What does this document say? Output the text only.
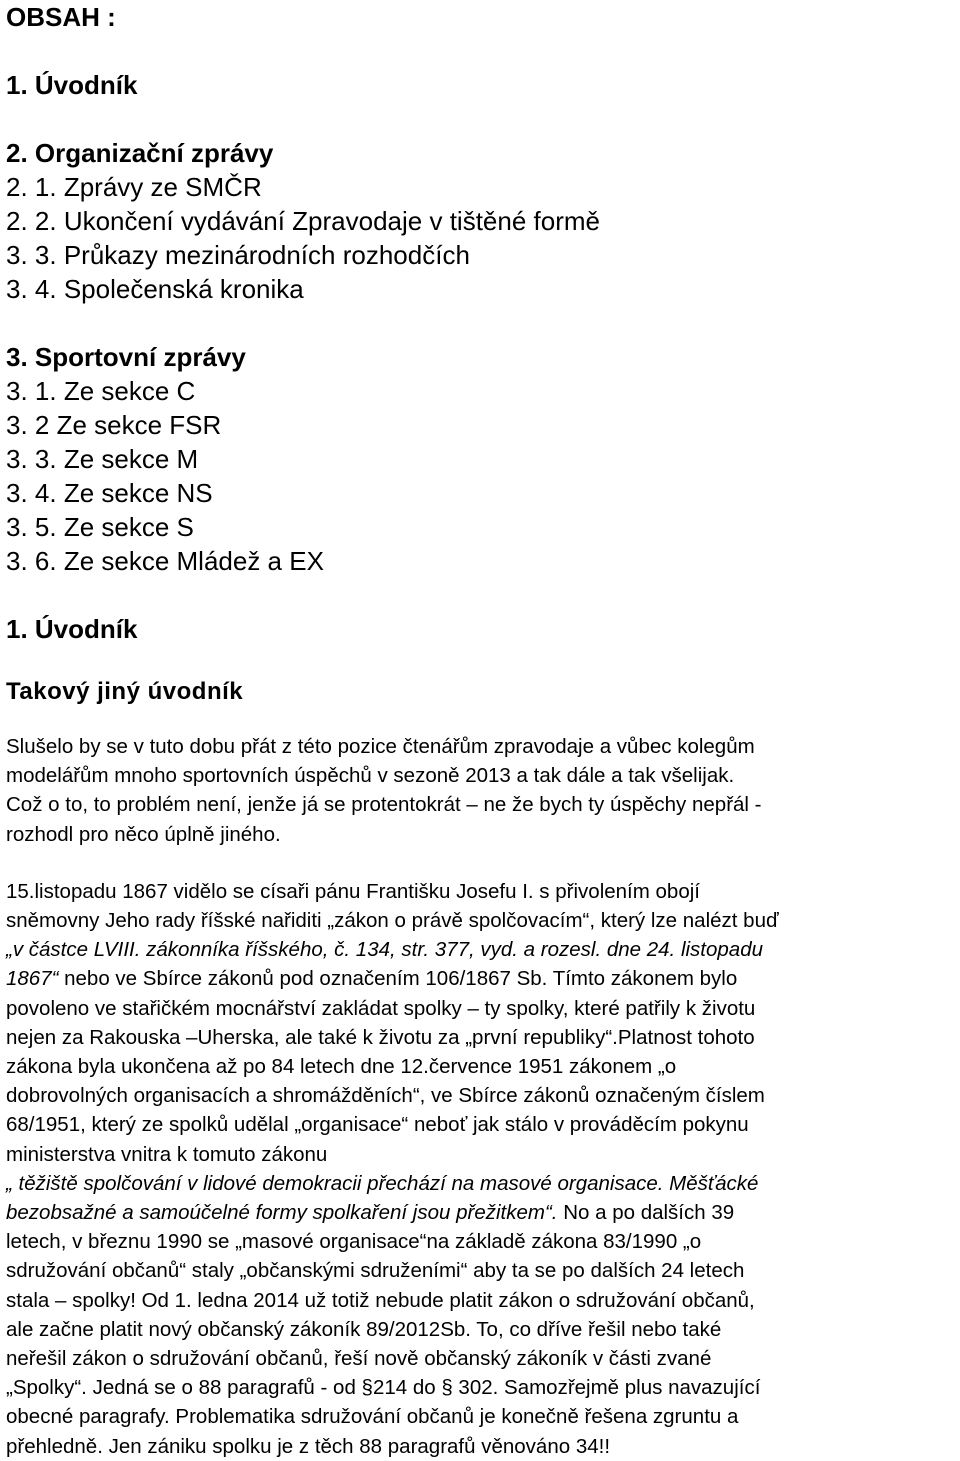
OBSAH :

1. Úvodník

2. Organizační zprávy

2. 1. Zprávy ze SMČR

2. 2. Ukončení vydávání Zpravodaje v tištěné formě

3. 3. Průkazy mezinárodních rozhodčích

3. 4. Společenská kronika

3. Sportovní zprávy

3. 1. Ze sekce C

3. 2 Ze sekce FSR

3. 3. Ze sekce M

3. 4. Ze sekce NS

3. 5. Ze sekce S

3. 6. Ze sekce Mládež a EX

1. Úvodník

Takový jiný úvodník

Slušelo by se v tuto dobu přát z této pozice čtenářům zpravodaje a vůbec kolegům

modelářům mnoho sportovních úspěchů v sezoně 2013 a tak dále a tak všelijak.

Což o to, to problém není, jenže já se protentokrát – ne že bych ty úspěchy nepřál -

rozhodl pro něco úplně jiného.

15.listopadu 1867 vidělo se císaři pánu Františku Josefu I. s přivolením obojí

sněmovny Jeho rady říšské nařiditi „zákon o právě spolčovacím“, který lze nalézt buď

„v částce LVIII. zákonníka říšského, č. 134, str. 377, vyd. a rozesl. dne 24. listopadu

1867“ nebo ve Sbírce zákonů pod označením 106/1867 Sb. Tímto zákonem bylo

povoleno ve stařičkém mocnářství zakládat spolky – ty spolky, které patřily k životu

nejen za Rakouska –Uherska, ale také k životu za „první republiky“.Platnost tohoto

zákona byla ukončena až po 84 letech dne 12.července 1951 zákonem „o

dobrovolných organisacích a shromážděních“, ve Sbírce zákonů označeným číslem

68/1951, který ze spolků udělal „organisace“ neboť jak stálo v prováděcím pokynu

ministerstva vnitra k tomuto zákonu

„ těžiště spolčování v lidové demokracii přechází na masové organisace. Měšťácké

bezobsažné a samoúčelné formy spolkaření jsou přežitkem“. No a po dalších 39

letech, v březnu 1990 se „masové organisace“na základě zákona 83/1990 „o

sdružování občanů“ staly „občanskými sdruženími“ aby ta se po dalších 24 letech

stala – spolky! Od 1. ledna 2014 už totiž nebude platit zákon o sdružování občanů,

ale začne platit nový občanský zákoník 89/2012Sb. To, co dříve řešil nebo také

neřešil zákon o sdružování občanů, řeší nově občanský zákoník v části zvané

„Spolky“. Jedná se o 88 paragrafů - od §214 do § 302. Samozřejmě plus navazující

obecné paragrafy. Problematika sdružování občanů je konečně řešena zgruntu a

přehledně. Jen zániku spolku je z těch 88 paragrafů věnováno 34!!
